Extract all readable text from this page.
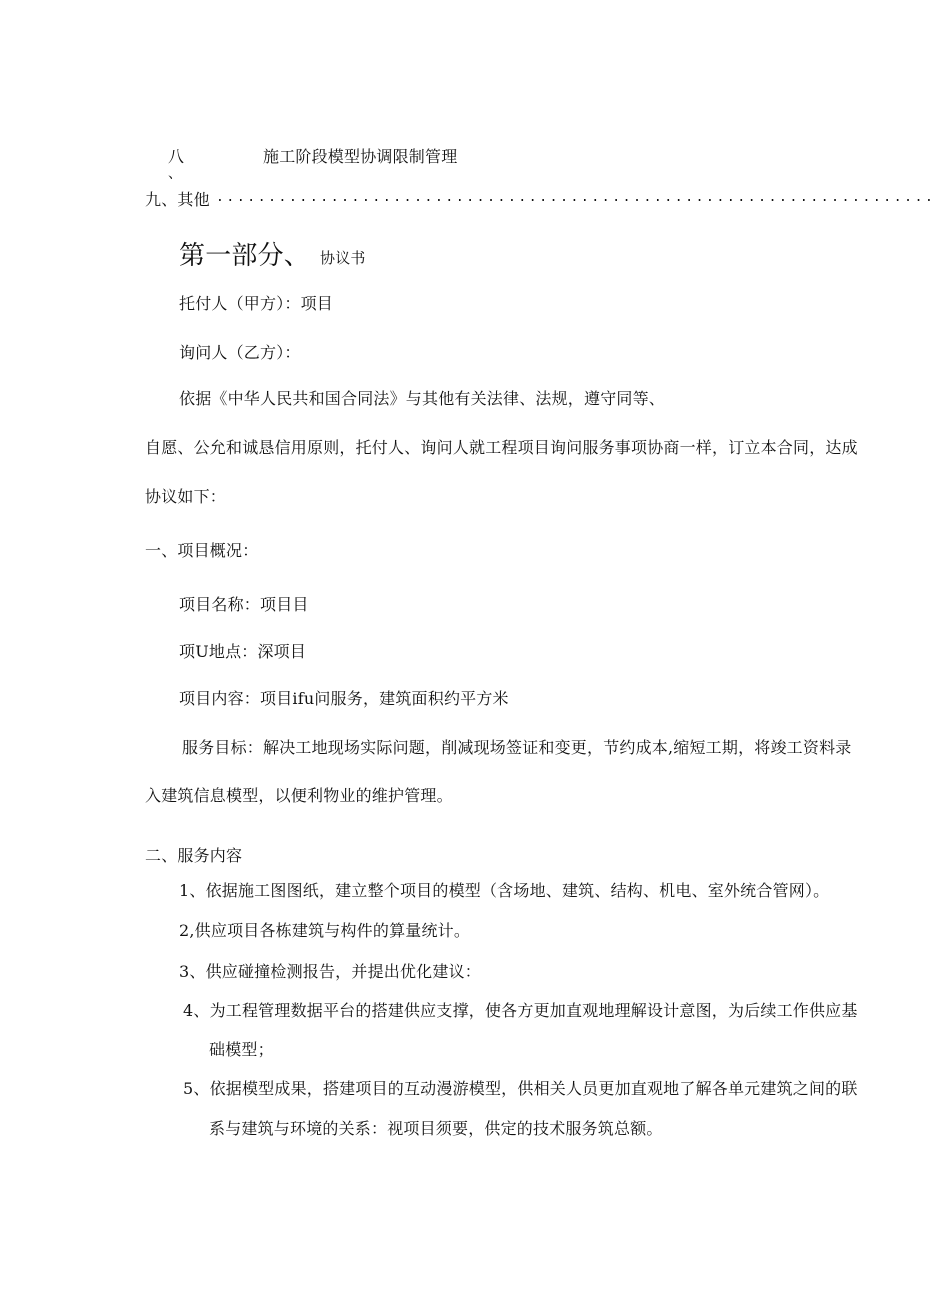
八
、
施工阶段模型协调限制管理
九、其他 .....................................................................
第一部分、 协议书
托付人（甲方）：项目
询问人（乙方）：
依据《中华人民共和国合同法》与其他有关法律、法规，遵守同等、
自愿、公允和诚恳信用原则，托付人、询问人就工程项目询问服务事项协商一样，订立本合同，达成
协议如下：
一、项目概况：
项目名称：项目目
项U地点：深项目
项目内容：项目ifu问服务，建筑面积约平方米
服务目标：解决工地现场实际问题，削减现场签证和变更，节约成本,缩短工期，将竣工资料录
入建筑信息模型，以便利物业的维护管理。
二、服务内容
1、依据施工图图纸，建立整个项目的模型（含场地、建筑、结构、机电、室外统合管网）。
2,供应项目各栋建筑与构件的算量统计。
3、供应碰撞检测报告，并提出优化建议：
4、为工程管理数据平台的搭建供应支撑，使各方更加直观地理解设计意图，为后续工作供应基
础模型；
5、依据模型成果，搭建项目的互动漫游模型，供相关人员更加直观地了解各单元建筑之间的联
系与建筑与环境的关系：视项目须要，供定的技术服务筑总额。
